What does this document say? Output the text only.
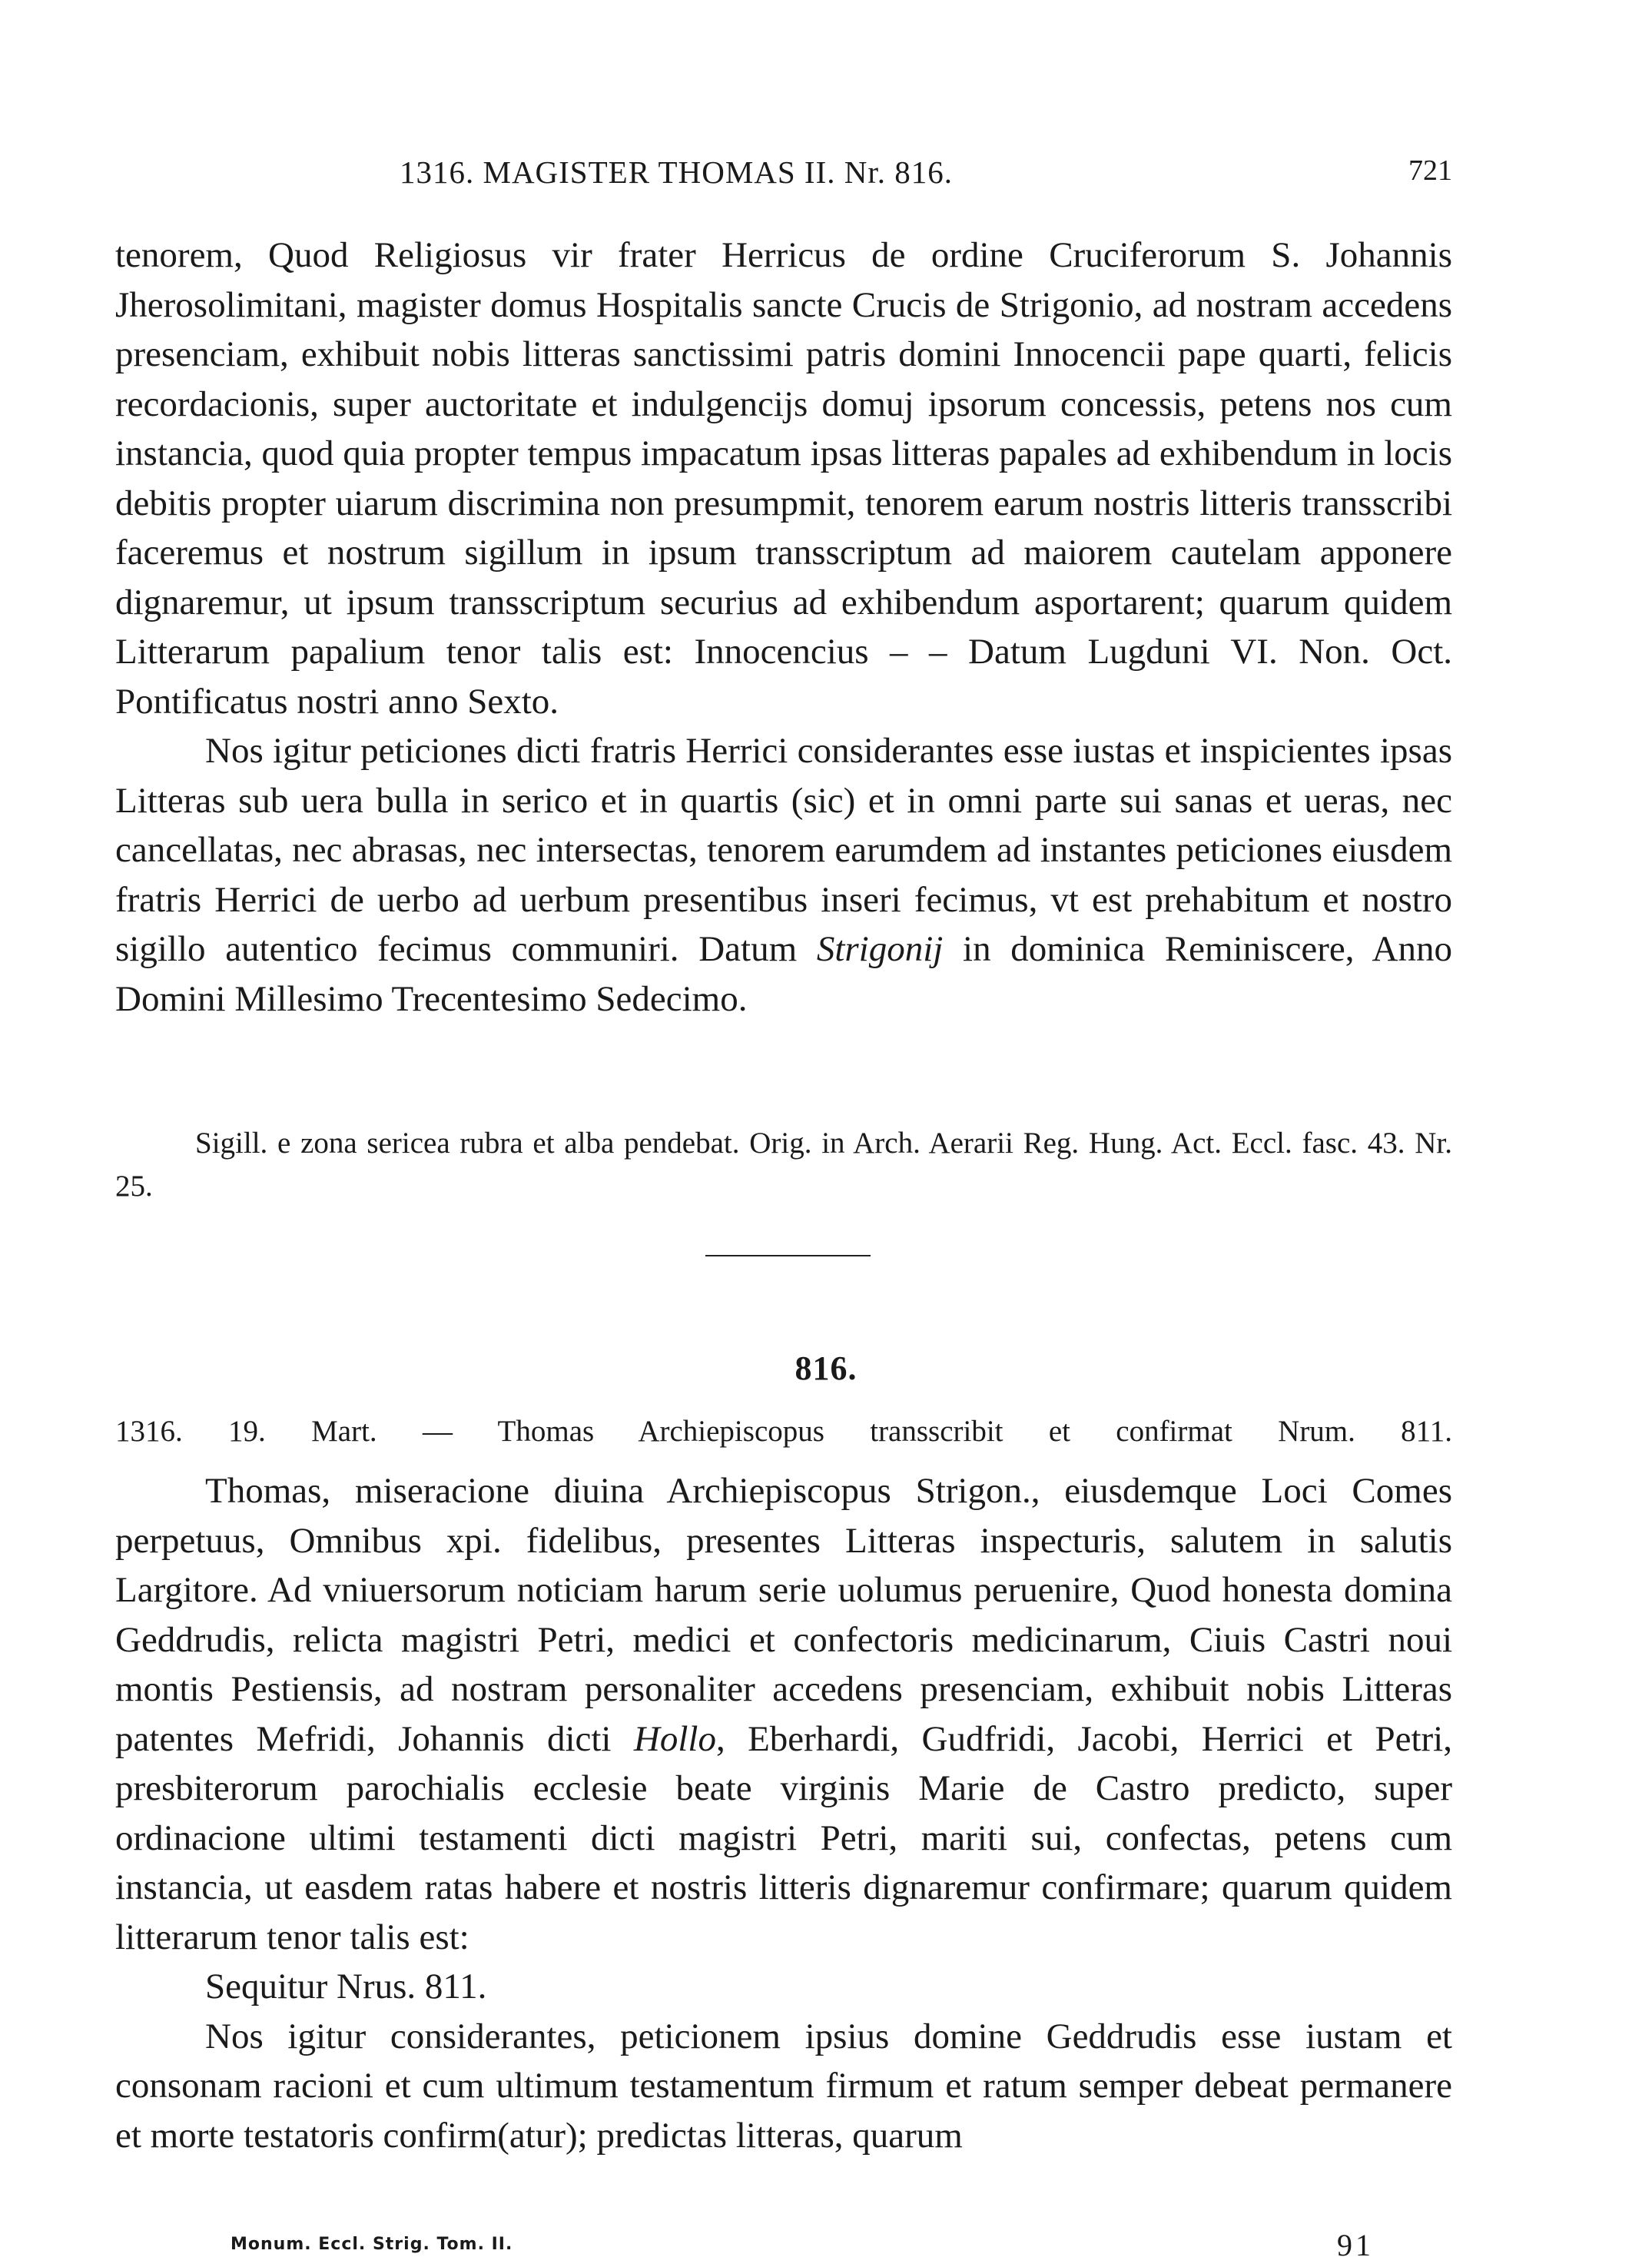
1316. MAGISTER THOMAS II. Nr. 816.	721

tenorem, Quod Religiosus vir frater Herricus de ordine Cruciferorum S. Johannis Jherosolimitani, magister domus Hospitalis sancte Crucis de Strigonio, ad nostram accedens presenciam, exhibuit nobis litteras sanctissimi patris domini Innocencii pape quarti, felicis recordacionis, super auctoritate et indulgencijs domuj ipsorum concessis, petens nos cum instancia, quod quia propter tempus impacatum ipsas litteras papales ad exhibendum in locis debitis propter uiarum discrimina non presumpmit, tenorem earum nostris litteris transscribi faceremus et nostrum sigillum in ipsum transscriptum ad maiorem cautelam apponere dignaremur, ut ipsum transscriptum securius ad exhibendum asportarent; quarum quidem Litterarum papalium tenor talis est: Innocencius – – Datum Lugduni VI. Non. Oct. Pontificatus nostri anno Sexto.

Nos igitur peticiones dicti fratris Herrici considerantes esse iustas et inspicientes ipsas Litteras sub uera bulla in serico et in quartis (sic) et in omni parte sui sanas et ueras, nec cancellatas, nec abrasas, nec intersectas, tenorem earumdem ad instantes peticiones eiusdem fratris Herrici de uerbo ad uerbum presentibus inseri fecimus, vt est prehabitum et nostro sigillo autentico fecimus communiri. Datum Strigonij in dominica Reminiscere, Anno Domini Millesimo Trecentesimo Sedecimo.

Sigill. e zona sericea rubra et alba pendebat. Orig. in Arch. Aerarii Reg. Hung. Act. Eccl. fasc. 43. Nr. 25.
816.
1316. 19. Mart. — Thomas Archiepiscopus transscribit et confirmat Nrum. 811.

Thomas, miseracione diuina Archiepiscopus Strigon., eiusdemque Loci Comes perpetuus, Omnibus xpi. fidelibus, presentes Litteras inspecturis, salutem in salutis Largitore. Ad vniuersorum noticiam harum serie uolumus peruenire, Quod honesta domina Geddrudis, relicta magistri Petri, medici et confectoris medicinarum, Ciuis Castri noui montis Pestiensis, ad nostram personaliter accedens presenciam, exhibuit nobis Litteras patentes Mefridi, Johannis dicti Hollo, Eberhardi, Gudfridi, Jacobi, Herrici et Petri, presbiterorum parochialis ecclesie beate virginis Marie de Castro predicto, super ordinacione ultimi testamenti dicti magistri Petri, mariti sui, confectas, petens cum instancia, ut easdem ratas habere et nostris litteris dignaremur confirmare; quarum quidem litterarum tenor talis est:

Sequitur Nrus. 811.

Nos igitur considerantes, peticionem ipsius domine Geddrudis esse iustam et consonam racioni et cum ultimum testamentum firmum et ratum semper debeat permanere et morte testatoris confirm(atur); predictas litteras, quarum

Monum. Eccl. Strig. Tom. II.	91
